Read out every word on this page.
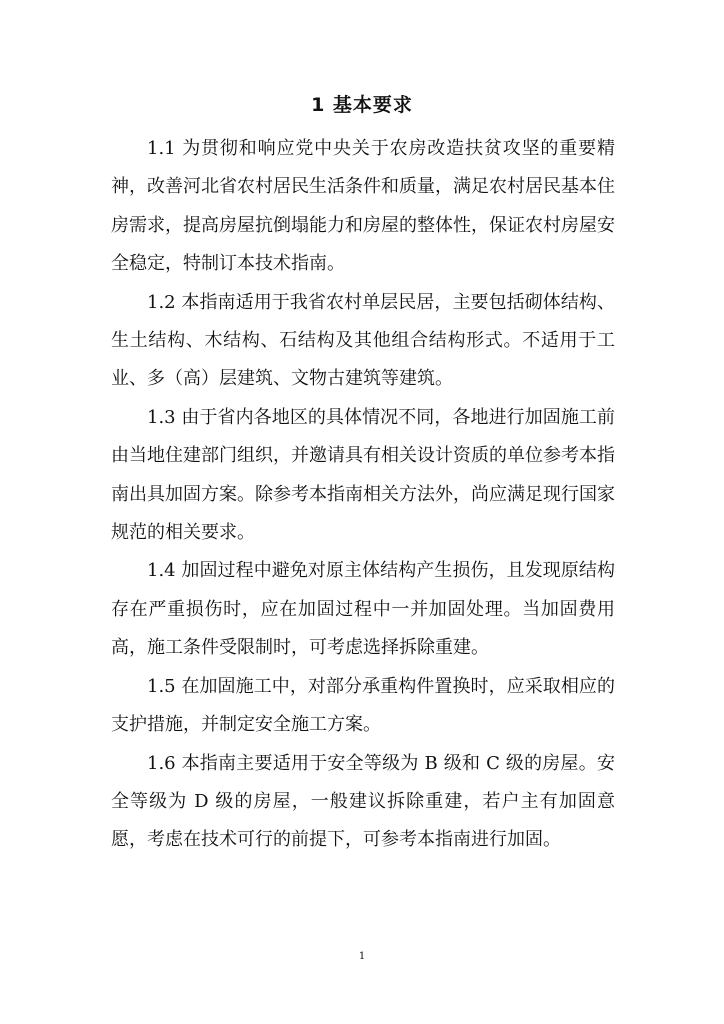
1 基本要求

1.1 为贯彻和响应党中央关于农房改造扶贫攻坚的重要精神，改善河北省农村居民生活条件和质量，满足农村居民基本住房需求，提高房屋抗倒塌能力和房屋的整体性，保证农村房屋安全稳定，特制订本技术指南。

1.2 本指南适用于我省农村单层民居，主要包括砌体结构、生土结构、木结构、石结构及其他组合结构形式。不适用于工业、多（高）层建筑、文物古建筑等建筑。

1.3 由于省内各地区的具体情况不同，各地进行加固施工前由当地住建部门组织，并邀请具有相关设计资质的单位参考本指南出具加固方案。除参考本指南相关方法外，尚应满足现行国家规范的相关要求。

1.4 加固过程中避免对原主体结构产生损伤，且发现原结构存在严重损伤时，应在加固过程中一并加固处理。当加固费用高，施工条件受限制时，可考虑选择拆除重建。

1.5 在加固施工中，对部分承重构件置换时，应采取相应的支护措施，并制定安全施工方案。

1.6 本指南主要适用于安全等级为 B 级和 C 级的房屋。安全等级为 D 级的房屋，一般建议拆除重建，若户主有加固意愿，考虑在技术可行的前提下，可参考本指南进行加固。

1
